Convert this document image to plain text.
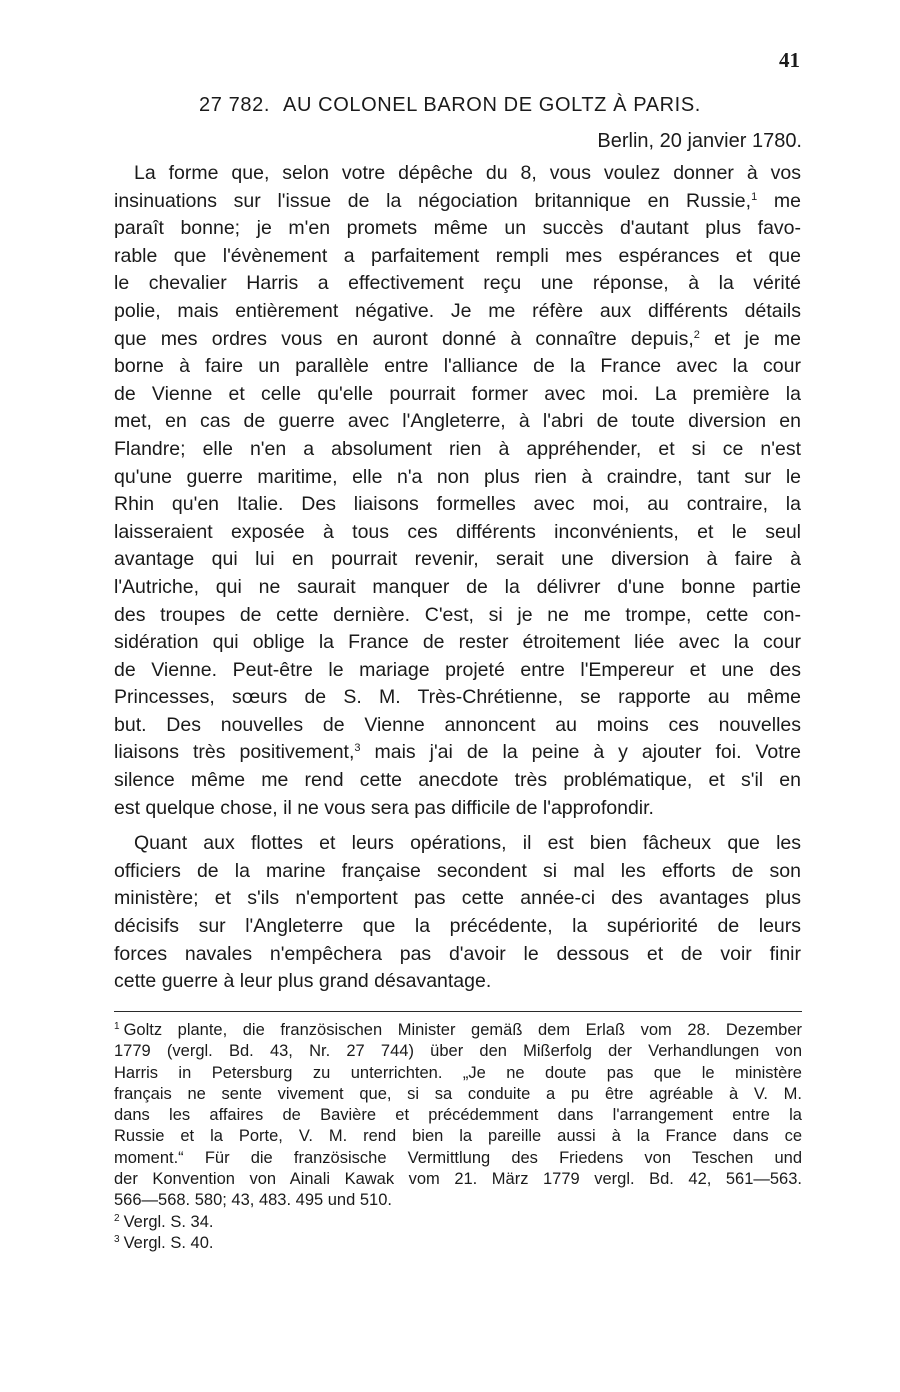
41
27 782. AU COLONEL BARON DE GOLTZ À PARIS.
Berlin, 20 janvier 1780.
La forme que, selon votre dépêche du 8, vous voulez donner à vos
insinuations sur l'issue de la négociation britannique en Russie,$^1$ me
paraît bonne; je m'en promets même un succès d'autant plus favo-
rable que l'évènement a parfaitement rempli mes espérances et que
le chevalier Harris a effectivement reçu une réponse, à la vérité
polie, mais entièrement négative. Je me réfère aux différents détails
que mes ordres vous en auront donné à connaître depuis,$^2$ et je me
borne à faire un parallèle entre l'alliance de la France avec la cour
de Vienne et celle qu'elle pourrait former avec moi. La première la
met, en cas de guerre avec l'Angleterre, à l'abri de toute diversion en
Flandre; elle n'en a absolument rien à appréhender, et si ce n'est
qu'une guerre maritime, elle n'a non plus rien à craindre, tant sur le
Rhin qu'en Italie. Des liaisons formelles avec moi, au contraire, la
laisseraient exposée à tous ces différents inconvénients, et le seul
avantage qui lui en pourrait revenir, serait une diversion à faire à
l'Autriche, qui ne saurait manquer de la délivrer d'une bonne partie
des troupes de cette dernière. C'est, si je ne me trompe, cette con-
sidération qui oblige la France de rester étroitement liée avec la cour
de Vienne. Peut-être le mariage projeté entre l'Empereur et une des
Princesses, sœurs de S. M. Très-Chrétienne, se rapporte au même
but. Des nouvelles de Vienne annoncent au moins ces nouvelles
liaisons très positivement,$^3$ mais j'ai de la peine à y ajouter foi. Votre
silence même me rend cette anecdote très problématique, et s'il en
est quelque chose, il ne vous sera pas difficile de l'approfondir.
Quant aux flottes et leurs opérations, il est bien fâcheux que les
officiers de la marine française secondent si mal les efforts de son
ministère; et s'ils n'emportent pas cette année-ci des avantages plus
décisifs sur l'Angleterre que la précédente, la supériorité de leurs
forces navales n'empêchera pas d'avoir le dessous et de voir finir
cette guerre à leur plus grand désavantage.
$^1$ Goltz plante, die französischen Minister gemäß dem Erlaß vom 28. Dezember
1779 (vergl. Bd. 43, Nr. 27 744) über den Mißerfolg der Verhandlungen von
Harris in Petersburg zu unterrichten. „Je ne doute pas que le ministère
français ne sente vivement que, si sa conduite a pu être agréable à V. M.
dans les affaires de Bavière et précédemment dans l'arrangement entre la
Russie et la Porte, V. M. rend bien la pareille aussi à la France dans ce
moment.“ Für die französische Vermittlung des Friedens von Teschen und
der Konvention von Ainali Kawak vom 21. März 1779 vergl. Bd. 42, 561—563.
566—568. 580; 43, 483. 495 und 510.
$^2$ Vergl. S. 34.
$^3$ Vergl. S. 40.
